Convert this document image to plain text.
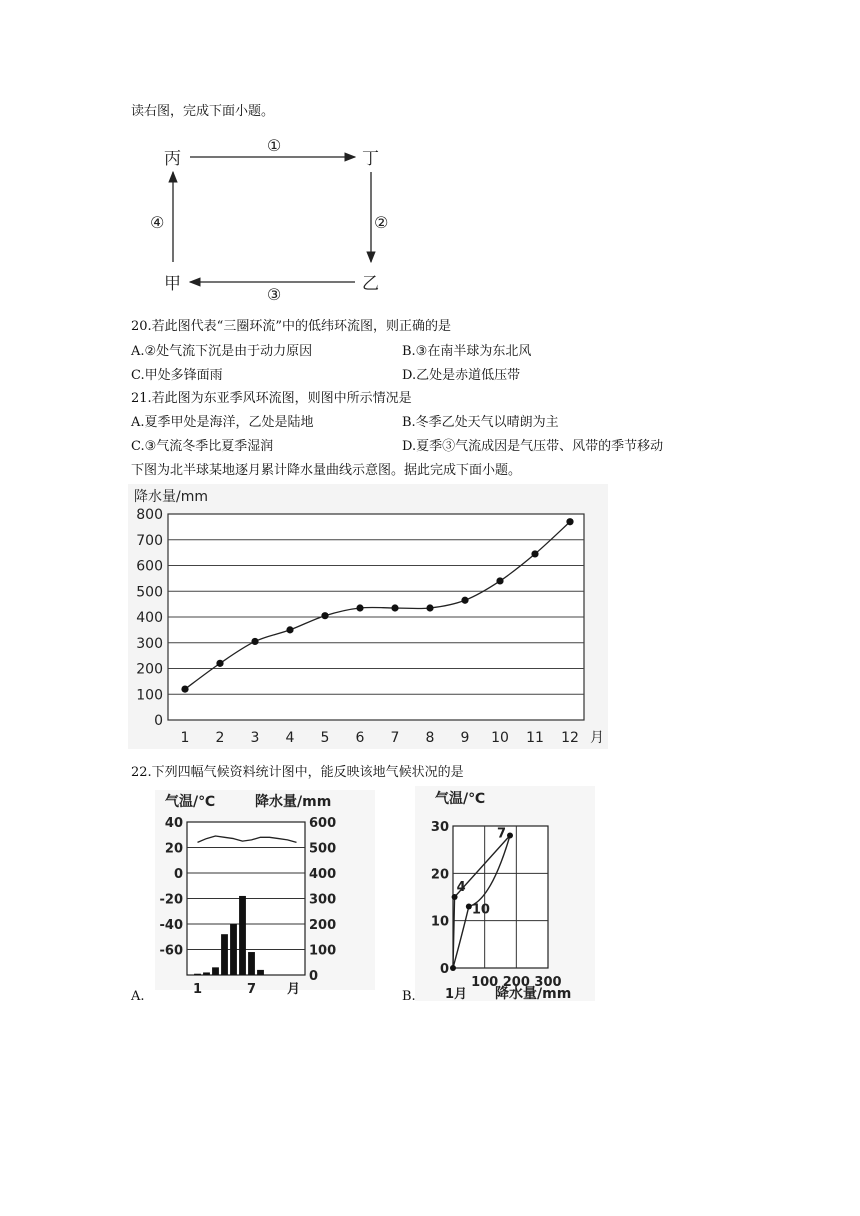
读右图，完成下面小题。
丙	丁
甲	乙
①
②
③
④
20.若此图代表“三圈环流”中的低纬环流图，则正确的是
A.②处气流下沉是由于动力原因	B.③在南半球为东北风
C.甲处多锋面雨	D.乙处是赤道低压带
21.若此图为东亚季风环流图，则图中所示情况是
A.夏季甲处是海洋，乙处是陆地	B.冬季乙处天气以晴朗为主
C.③气流冬季比夏季湿润	D.夏季③气流成因是气压带、风带的季节移动
下图为北半球某地逐月累计降水量曲线示意图。据此完成下面小题。
0
100
200
300
400
500
600
700
800
1 2 3 4 5 6 7 8 9 10 11 12 月
降水量/mm
22.下列四幅气候资料统计图中，能反映该地气候状况的是
40
20
0
-20
-40
-60
600
500
400
300
200
100
0
气温/℃	降水量/mm
1	7 月
A.
气温/℃
0
10
20
30
100 200 300
1月 降水量/mm
4
7
10
B.
